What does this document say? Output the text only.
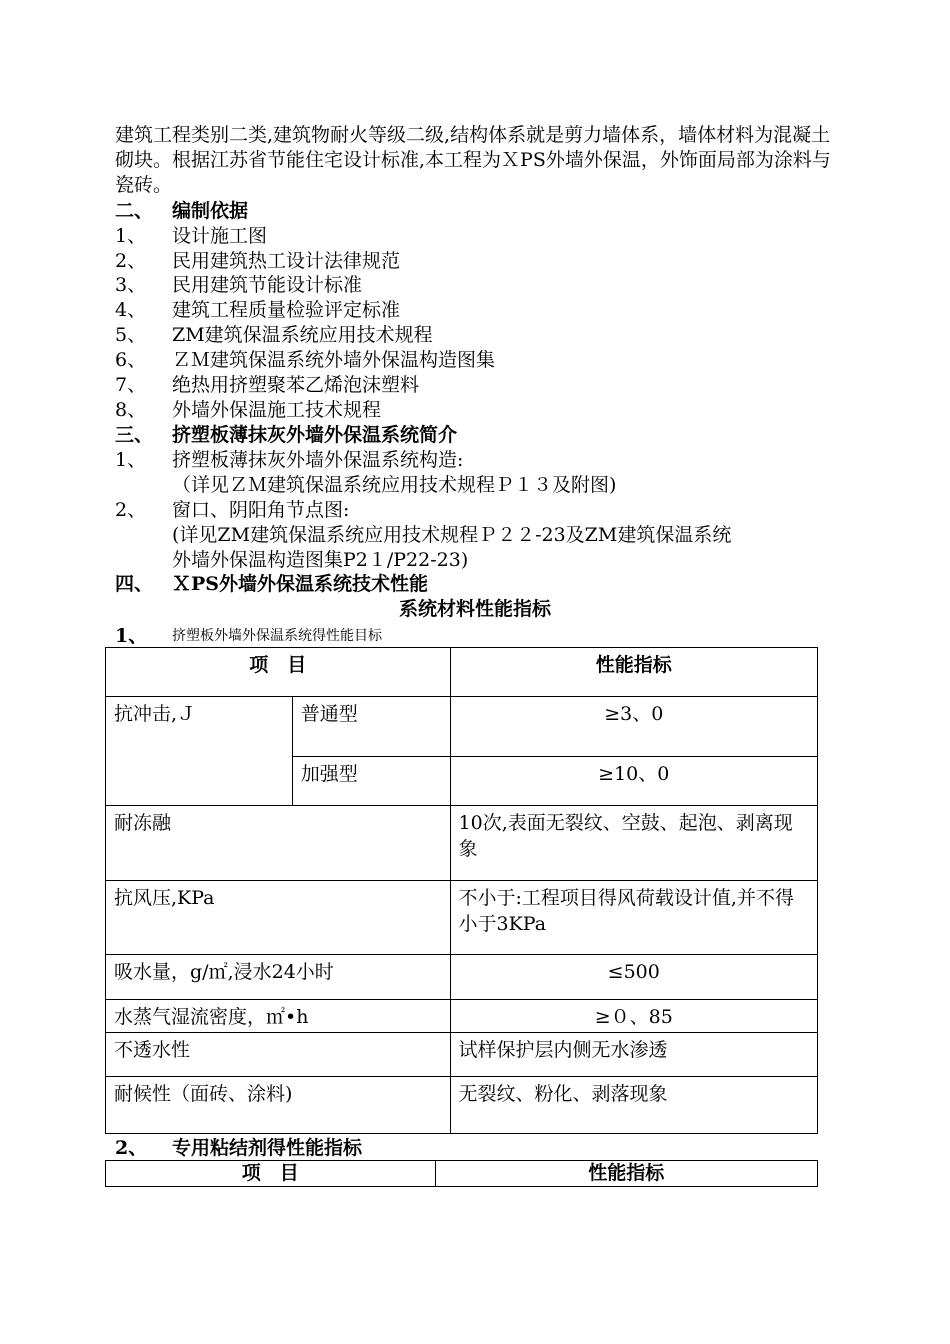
建筑工程类别二类,建筑物耐火等级二级,结构体系就是剪力墙体系，墙体材料为混凝土砌块。根据江苏省节能住宅设计标准,本工程为ＸPS外墙外保温，外饰面局部为涂料与瓷砖。
二、 编制依据
1、 设计施工图
2、 民用建筑热工设计法律规范
3、 民用建筑节能设计标准
4、 建筑工程质量检验评定标准
5、 ZM建筑保温系统应用技术规程
6、 ＺＭ建筑保温系统外墙外保温构造图集
7、 绝热用挤塑聚苯乙烯泡沫塑料
8、 外墙外保温施工技术规程
三、 挤塑板薄抹灰外墙外保温系统简介
1、 挤塑板薄抹灰外墙外保温系统构造:
（详见ＺＭ建筑保温系统应用技术规程Ｐ１３及附图)
2、 窗口、阴阳角节点图:
(详见ZM建筑保温系统应用技术规程Ｐ２２-23及ZM建筑保温系统
外墙外保温构造图集P2１/P22-23)
四、 ＸPS外墙外保温系统技术性能
系统材料性能指标
1、 挤塑板外墙外保温系统得性能目标
项　目		性能指标
抗冲击,Ｊ	普通型	≥3、0
	加强型	≥10、0
耐冻融		10次,表面无裂纹、空鼓、起泡、剥离现象
抗风压,KPa		不小于:工程项目得风荷载设计值,并不得小于3KPa
吸水量，g/㎡,浸水24小时		≤500
水蒸气湿流密度，㎡•h		≥０、85
不透水性		试样保护层内侧无水渗透
耐候性（面砖、涂料)		无裂纹、粉化、剥落现象
2、 专用粘结剂得性能指标
项　目	性能指标
